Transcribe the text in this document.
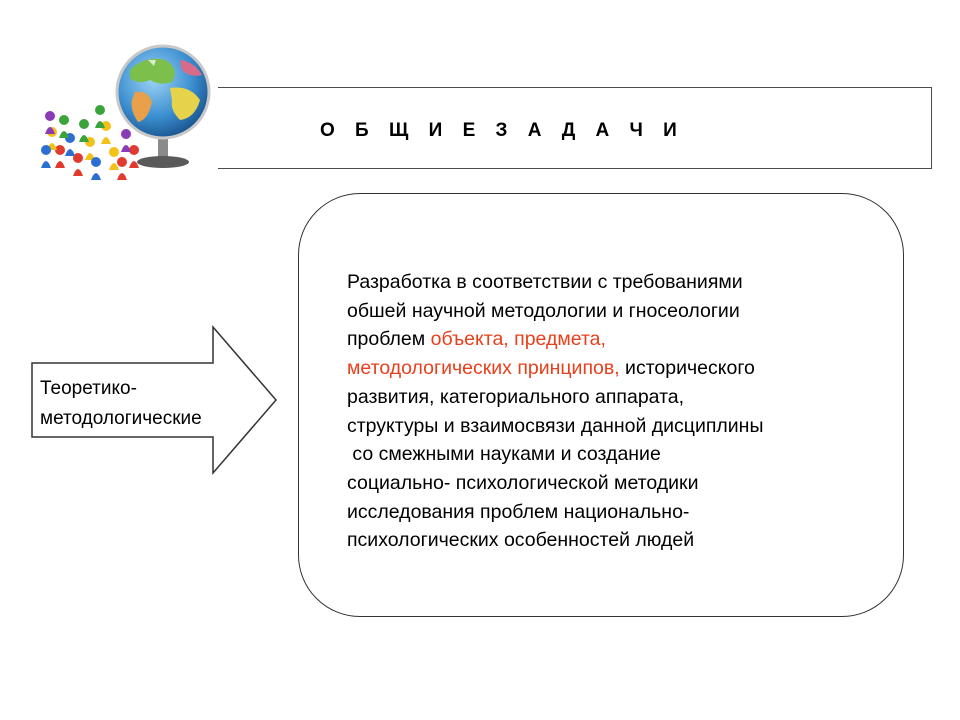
О Б Щ И Е З А Д А Ч И
Теоретико-
методологические
Разработка в соответствии с требованиями
обшей научной методологии и гносеологии
проблем объекта, предмета,
методологических принципов, исторического
развития, категориального аппарата,
структуры и взаимосвязи данной дисциплины
со смежными науками и создание
социально- психологической методики
исследования проблем национально-
психологических особенностей людей
